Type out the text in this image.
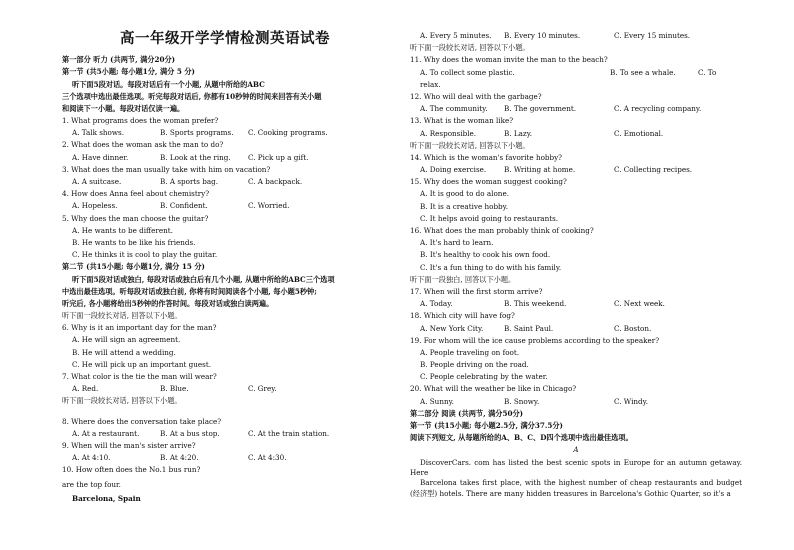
高一年级开学学情检测英语试卷
第一部分 听力 (共两节, 满分20分)
第一节 (共5小题; 每小题1分, 满分 5 分)
听下面5段对话。每段对话后有一个小题, 从题中所给的ABC
三个选项中选出最佳选项。听完每段对话后, 你都有10秒钟的时间来回答有关小题
和阅读下一小题。每段对话仅读一遍。
1. What programs does the woman prefer?
A. Talk shows.	B. Sports programs.	C. Cooking programs.
2. What does the woman ask the man to do?
A. Have dinner.	B. Look at the ring.	C. Pick up a gift.
3. What does the man usually take with him on vacation?
A. A suitcase.	B. A sports bag.	C. A backpack.
4. How does Anna feel about chemistry?
A. Hopeless.	B. Confident.	C. Worried.
5. Why does the man choose the guitar?
A. He wants to be different.
B. He wants to be like his friends.
C. He thinks it is cool to play the guitar.
第二节 (共15小题; 每小题1分, 满分 15 分)
听下面5段对话或独白, 每段对话或独白后有几个小题, 从题中所给的ABC三个选项
中选出最佳选项。听每段对话或独白前, 你将有时间阅读各个小题, 每小题5秒钟;
听完后, 各小题将给出5秒钟的作答时间。每段对话或独白读两遍。
听下面一段较长对话, 回答以下小题。
6. Why is it an important day for the man?
A. He will sign an agreement.
B. He will attend a wedding.
C. He will pick up an important guest.
7. What color is the tie the man will wear?
A. Red.	B. Blue.	C. Grey.
听下面一段较长对话, 回答以下小题。
8. Where does the conversation take place?
A. At a restaurant.	B. At a bus stop.	C. At the train station.
9. When will the man's sister arrive?
A. At 4:10.	B. At 4:20.	C. At 4:30.
10. How often does the No.1 bus run?
are the top four.
Barcelona, Spain
A. Every 5 minutes.	B. Every 10 minutes.	C. Every 15 minutes.
听下面一段较长对话, 回答以下小题。
11. Why does the woman invite the man to the beach?
A. To collect some plastic.	B. To see a whale.	C. To
relax.
12. Who will deal with the garbage?
A. The community.	B. The government.	C. A recycling company.
13. What is the woman like?
A. Responsible.	B. Lazy.	C. Emotional.
听下面一段较长对话, 回答以下小题。
14. Which is the woman's favorite hobby?
A. Doing exercise.	B. Writing at home.	C. Collecting recipes.
15. Why does the woman suggest cooking?
A. It is good to do alone.
B. It is a creative hobby.
C. It helps avoid going to restaurants.
16. What does the man probably think of cooking?
A. It's hard to learn.
B. It's healthy to cook his own food.
C. It's a fun thing to do with his family.
听下面一段独白, 回答以下小题。
17. When will the first storm arrive?
A. Today.	B. This weekend.	C. Next week.
18. Which city will have fog?
A. New York City.	B. Saint Paul.	C. Boston.
19. For whom will the ice cause problems according to the speaker?
A. People traveling on foot.
B. People driving on the road.
C. People celebrating by the water.
20. What will the weather be like in Chicago?
A. Sunny.	B. Snowy.	C. Windy.
第二部分 阅读 (共两节, 满分50分)
第一节 (共15小题; 每小题2.5分, 满分37.5分)
阅读下列短文, 从每题所给的A、B、C、D四个选项中选出最佳选项。
A
DiscoverCars. com has listed the best scenic spots in Europe for an autumn getaway. Here
Barcelona takes first place, with the highest number of cheap restaurants and budget (经济型) hotels. There are many hidden treasures in Barcelona's Gothic Quarter, so it's a
